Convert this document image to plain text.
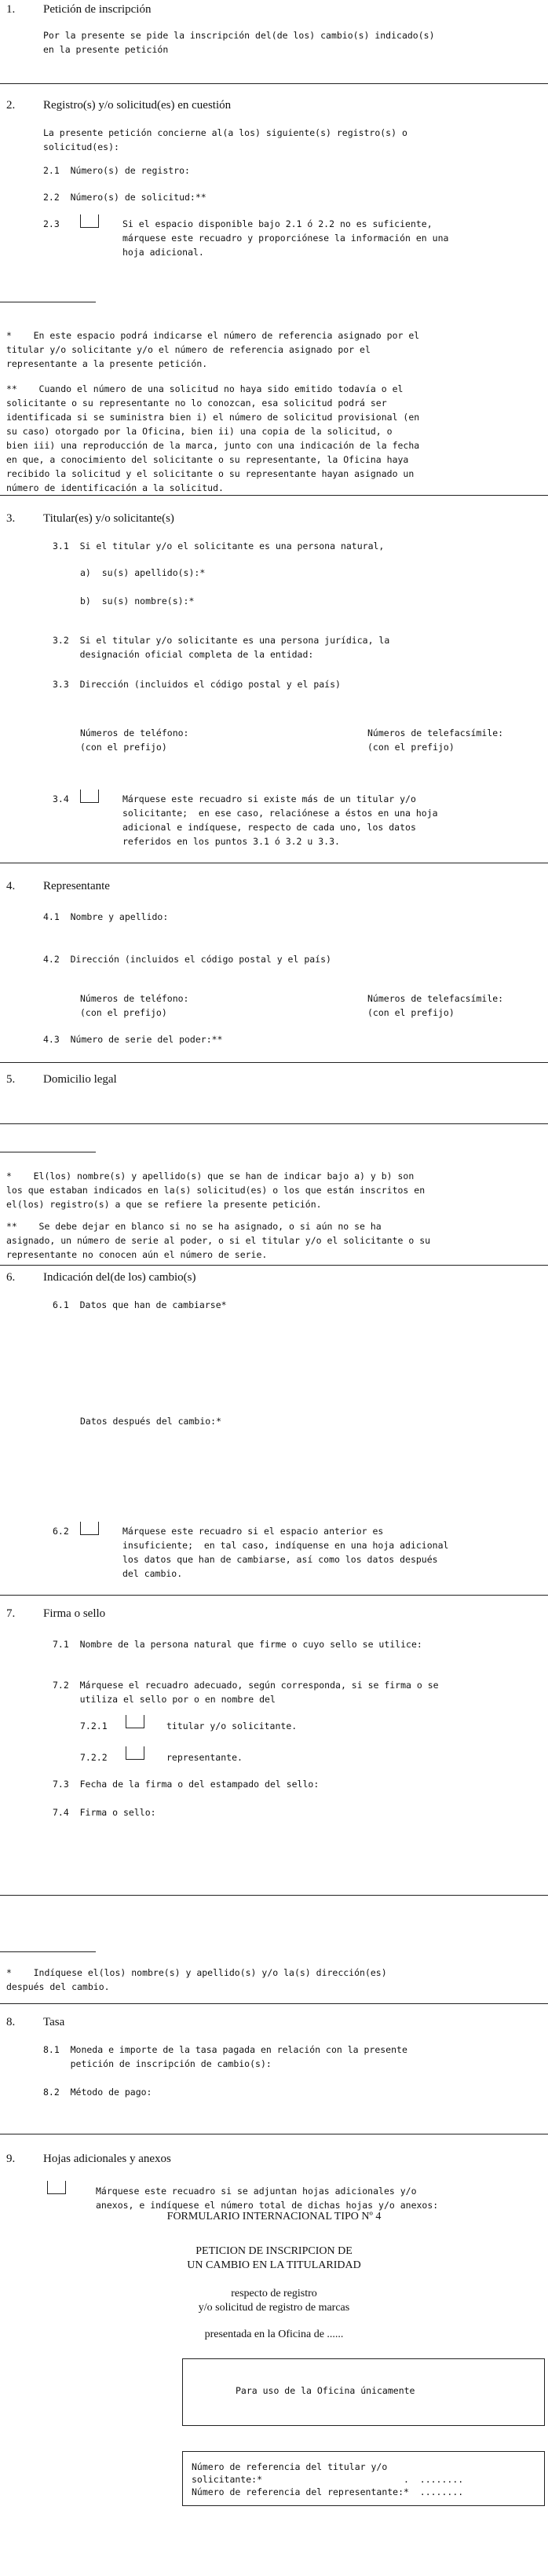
1. Petición de inscripción
Por la presente se pide la inscripción del(de los) cambio(s) indicado(s)
en la presente petición
2. Registro(s) y/o solicitud(es) en cuestión
La presente petición concierne al(a los) siguiente(s) registro(s) o
solicitud(es):
2.1  Número(s) de registro:
2.2  Número(s) de solicitud:**
2.3	Si el espacio disponible bajo 2.1 ó 2.2 no es suficiente,
márquese este recuadro y proporciónese la información en una
hoja adicional.
*    En este espacio podrá indicarse el número de referencia asignado por el
titular y/o solicitante y/o el número de referencia asignado por el
representante a la presente petición.
**    Cuando el número de una solicitud no haya sido emitido todavía o el
solicitante o su representante no lo conozcan, esa solicitud podrá ser
identificada si se suministra bien i) el número de solicitud provisional (en
su caso) otorgado por la Oficina, bien ii) una copia de la solicitud, o
bien iii) una reproducción de la marca, junto con una indicación de la fecha
en que, a conocimiento del solicitante o su representante, la Oficina haya
recibido la solicitud y el solicitante o su representante hayan asignado un
número de identificación a la solicitud.
3. Titular(es) y/o solicitante(s)
3.1  Si el titular y/o el solicitante es una persona natural,
a)  su(s) apellido(s):*
b)  su(s) nombre(s):*
3.2  Si el titular y/o solicitante es una persona jurídica, la
designación oficial completa de la entidad:
3.3  Dirección (incluidos el código postal y el país)
Números de teléfono:
(con el prefijo)
Números de telefacsímile:
(con el prefijo)
3.4	Márquese este recuadro si existe más de un titular y/o
solicitante;  en ese caso, relaciónese a éstos en una hoja
adicional e indíquese, respecto de cada uno, los datos
referidos en los puntos 3.1 ó 3.2 u 3.3.
4. Representante
4.1  Nombre y apellido:
4.2  Dirección (incluidos el código postal y el país)
Números de teléfono:
(con el prefijo)
Números de telefacsímile:
(con el prefijo)
4.3  Número de serie del poder:**
5. Domicilio legal
*    El(los) nombre(s) y apellido(s) que se han de indicar bajo a) y b) son
los que estaban indicados en la(s) solicitud(es) o los que están inscritos en
el(los) registro(s) a que se refiere la presente petición.
**    Se debe dejar en blanco si no se ha asignado, o si aún no se ha
asignado, un número de serie al poder, o si el titular y/o el solicitante o su
representante no conocen aún el número de serie.
6. Indicación del(de los) cambio(s)
6.1  Datos que han de cambiarse*
Datos después del cambio:*
6.2	Márquese este recuadro si el espacio anterior es
insuficiente;  en tal caso, indíquense en una hoja adicional
los datos que han de cambiarse, así como los datos después
del cambio.
7. Firma o sello
7.1  Nombre de la persona natural que firme o cuyo sello se utilice:
7.2  Márquese el recuadro adecuado, según corresponda, si se firma o se
utiliza el sello por o en nombre del
7.2.1	titular y/o solicitante.
7.2.2	representante.
7.3  Fecha de la firma o del estampado del sello:
7.4  Firma o sello:
*    Indíquese el(los) nombre(s) y apellido(s) y/o la(s) dirección(es)
después del cambio.
8. Tasa
8.1  Moneda e importe de la tasa pagada en relación con la presente
petición de inscripción de cambio(s):
8.2  Método de pago:
9. Hojas adicionales y anexos
Márquese este recuadro si se adjuntan hojas adicionales y/o
anexos, e indíquese el número total de dichas hojas y/o anexos:
FORMULARIO INTERNACIONAL TIPO Nº 4
PETICION DE INSCRIPCION DE
UN CAMBIO EN LA TITULARIDAD
respecto de registro
y/o solicitud de registro de marcas
presentada en la Oficina de ......
Para uso de la Oficina únicamente
Número de referencia del titular y/o
solicitante:*                          .  ........
Número de referencia del representante:*  ........
